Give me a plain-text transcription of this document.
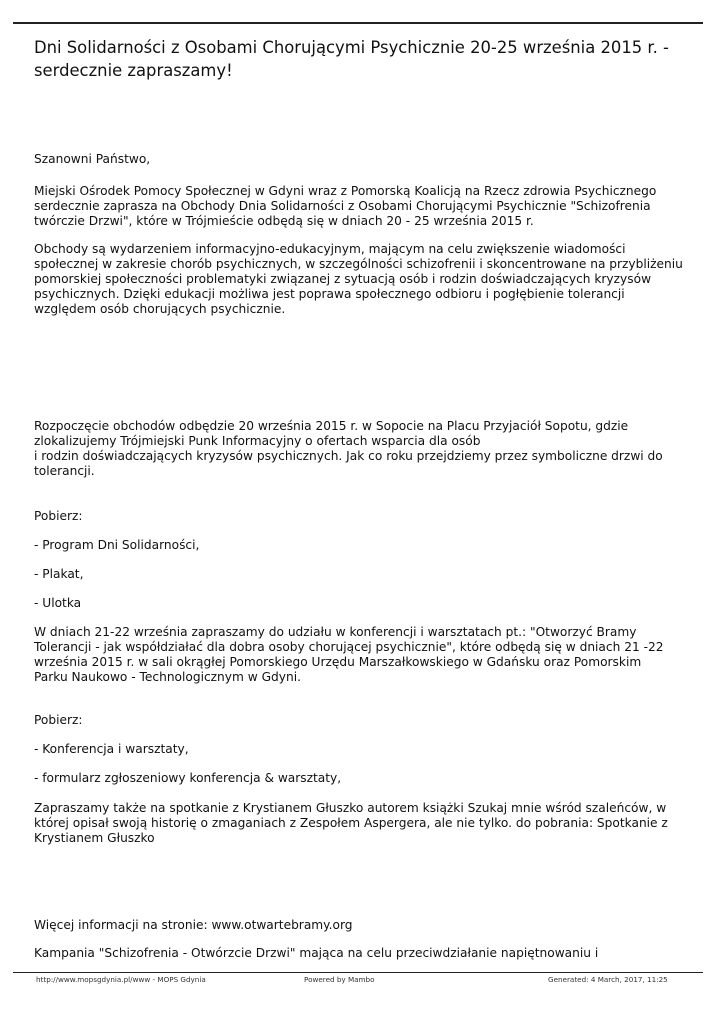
Dni Solidarności z Osobami Chorującymi Psychicznie 20-25 września 2015 r. - serdecznie zapraszamy!

Szanowni Państwo,

Miejski Ośrodek Pomocy Społecznej w Gdyni wraz z Pomorską Koalicją na Rzecz zdrowia Psychicznego
serdecznie zaprasza na Obchody Dnia Solidarności z Osobami Chorującymi Psychicznie "Schizofrenia
twórczie Drzwi", które w Trójmieście odbędą się w dniach 20 - 25 września 2015 r.

Obchody są wydarzeniem informacyjno-edukacyjnym, mającym na celu zwiększenie wiadomości
społecznej w zakresie chorób psychicznych, w szczególności schizofrenii i skoncentrowane na przybliżeniu
pomorskiej społeczności problematyki związanej z sytuacją osób i rodzin doświadczających kryzysów
psychicznych. Dzięki edukacji możliwa jest poprawa społecznego odbioru i pogłębienie tolerancji
względem osób chorujących psychicznie.

Rozpoczęcie obchodów odbędzie 20 września 2015 r. w Sopocie na Placu Przyjaciół Sopotu, gdzie
zlokalizujemy Trójmiejski Punk Informacyjny o ofertach wsparcia dla osób
i rodzin doświadczających kryzysów psychicznych. Jak co roku przejdziemy przez symboliczne drzwi do
tolerancji.

Pobierz:

- Program Dni Solidarności,

- Plakat,

- Ulotka

W dniach 21-22 września zapraszamy do udziału w konferencji i warsztatach pt.: "Otworzyć Bramy
Tolerancji - jak współdziałać dla dobra osoby chorującej psychicznie", które odbędą się w dniach 21 -22
września 2015 r. w sali okrągłej Pomorskiego Urzędu Marszałkowskiego w Gdańsku oraz Pomorskim
Parku Naukowo - Technologicznym w Gdyni.

Pobierz:

- Konferencja i warsztaty,

- formularz zgłoszeniowy konferencja & warsztaty,

Zapraszamy także na spotkanie z Krystianem Głuszko autorem książki Szukaj mnie wśród szaleńców, w
której opisał swoją historię o zmaganiach z Zespołem Aspergera, ale nie tylko. do pobrania: Spotkanie z
Krystianem Głuszko

Więcej informacji na stronie: www.otwartebramy.org

Kampania "Schizofrenia - Otwórzcie Drzwi" mająca na celu przeciwdziałanie napiętnowaniu i

http://www.mopsgdynia.pl/www - MOPS Gdynia	Powered by Mambo	Generated: 4 March, 2017, 11:25
